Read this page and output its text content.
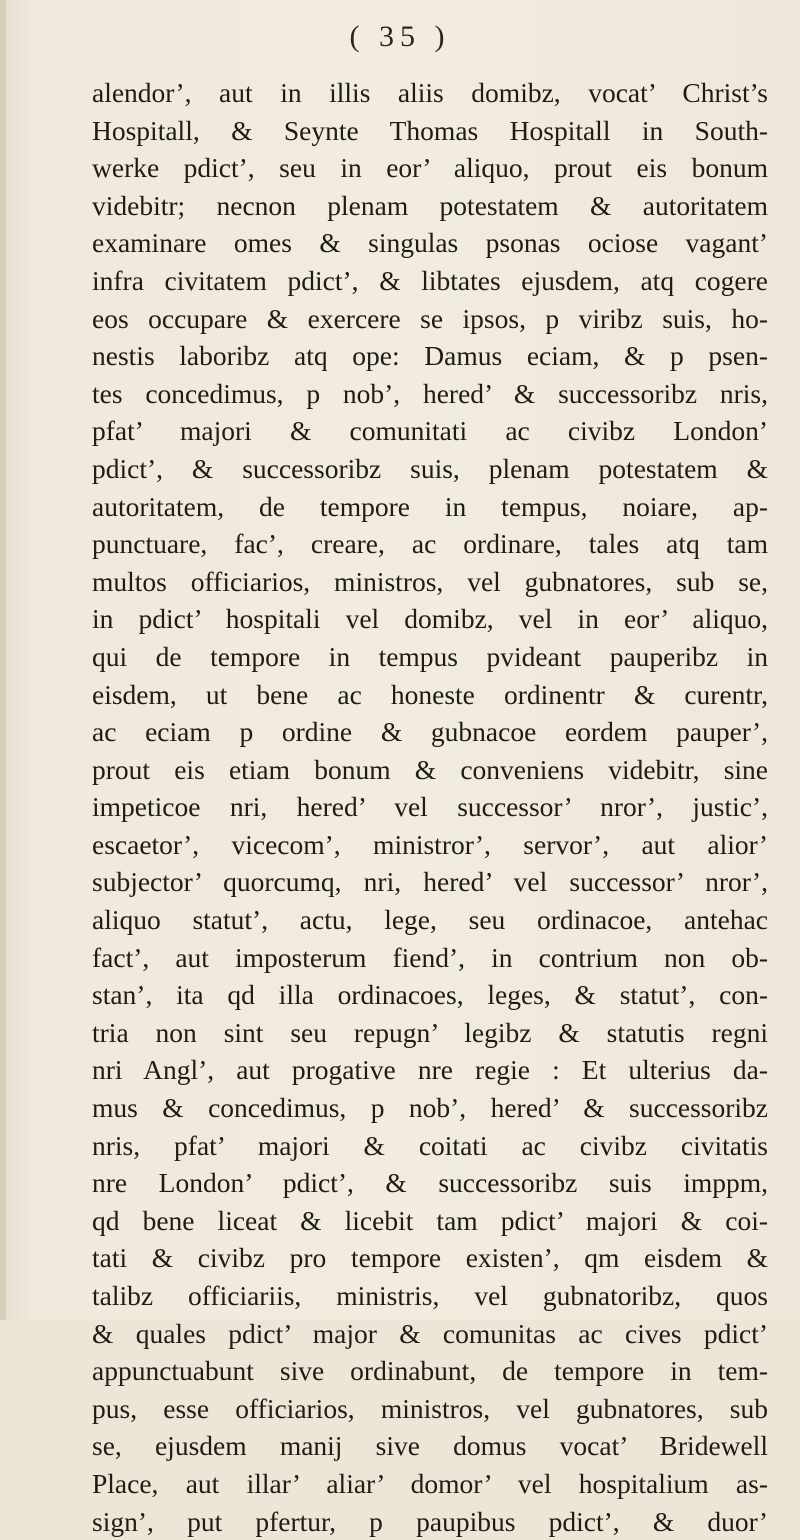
( 35 )
alendor’, aut in illis aliis domibz, vocat’ Christ’s
Hospitall, & Seynte Thomas Hospitall in South-
werke pdict’, seu in eor’ aliquo, prout eis bonum
videbitr; necnon plenam potestatem & autoritatem
examinare omes & singulas psonas ociose vagant’
infra civitatem pdict’, & libtates ejusdem, atq cogere
eos occupare & exercere se ipsos, p viribz suis, ho-
nestis laboribz atq ope: Damus eciam, & p psen-
tes concedimus, p nob’, hered’ & successoribz nris,
pfat’ majori & comunitati ac civibz London’
pdict’, & successoribz suis, plenam potestatem &
autoritatem, de tempore in tempus, noiare, ap-
punctuare, fac’, creare, ac ordinare, tales atq tam
multos officiarios, ministros, vel gubnatores, sub se,
in pdict’ hospitali vel domibz, vel in eor’ aliquo,
qui de tempore in tempus pvideant pauperibz in
eisdem, ut bene ac honeste ordinentr & curentr,
ac eciam p ordine & gubnacoe eordem pauper’,
prout eis etiam bonum & conveniens videbitr, sine
impeticoe nri, hered’ vel successor’ nror’, justic’,
escaetor’, vicecom’, ministror’, servor’, aut alior’
subjector’ quorcumq, nri, hered’ vel successor’ nror’,
aliquo statut’, actu, lege, seu ordinacoe, antehac
fact’, aut imposterum fiend’, in contrium non ob-
stan’, ita qd illa ordinacoes, leges, & statut’, con-
tria non sint seu repugn’ legibz & statutis regni
nri Angl’, aut progative nre regie : Et ulterius da-
mus & concedimus, p nob’, hered’ & successoribz
nris, pfat’ majori & coitati ac civibz civitatis
nre London’ pdict’, & successoribz suis imppm,
qd bene liceat & licebit tam pdict’ majori & coi-
tati & civibz pro tempore existen’, qm eisdem &
talibz officiariis, ministris, vel gubnatoribz, quos
& quales pdict’ major & comunitas ac cives pdict’
appunctuabunt sive ordinabunt, de tempore in tem-
pus, esse officiarios, ministros, vel gubnatores, sub
se, ejusdem manij sive domus vocat’ Bridewell
Place, aut illar’ aliar’ domor’ vel hospitalium as-
sign’, put pfertur, p paupibus pdict’, & duor’
